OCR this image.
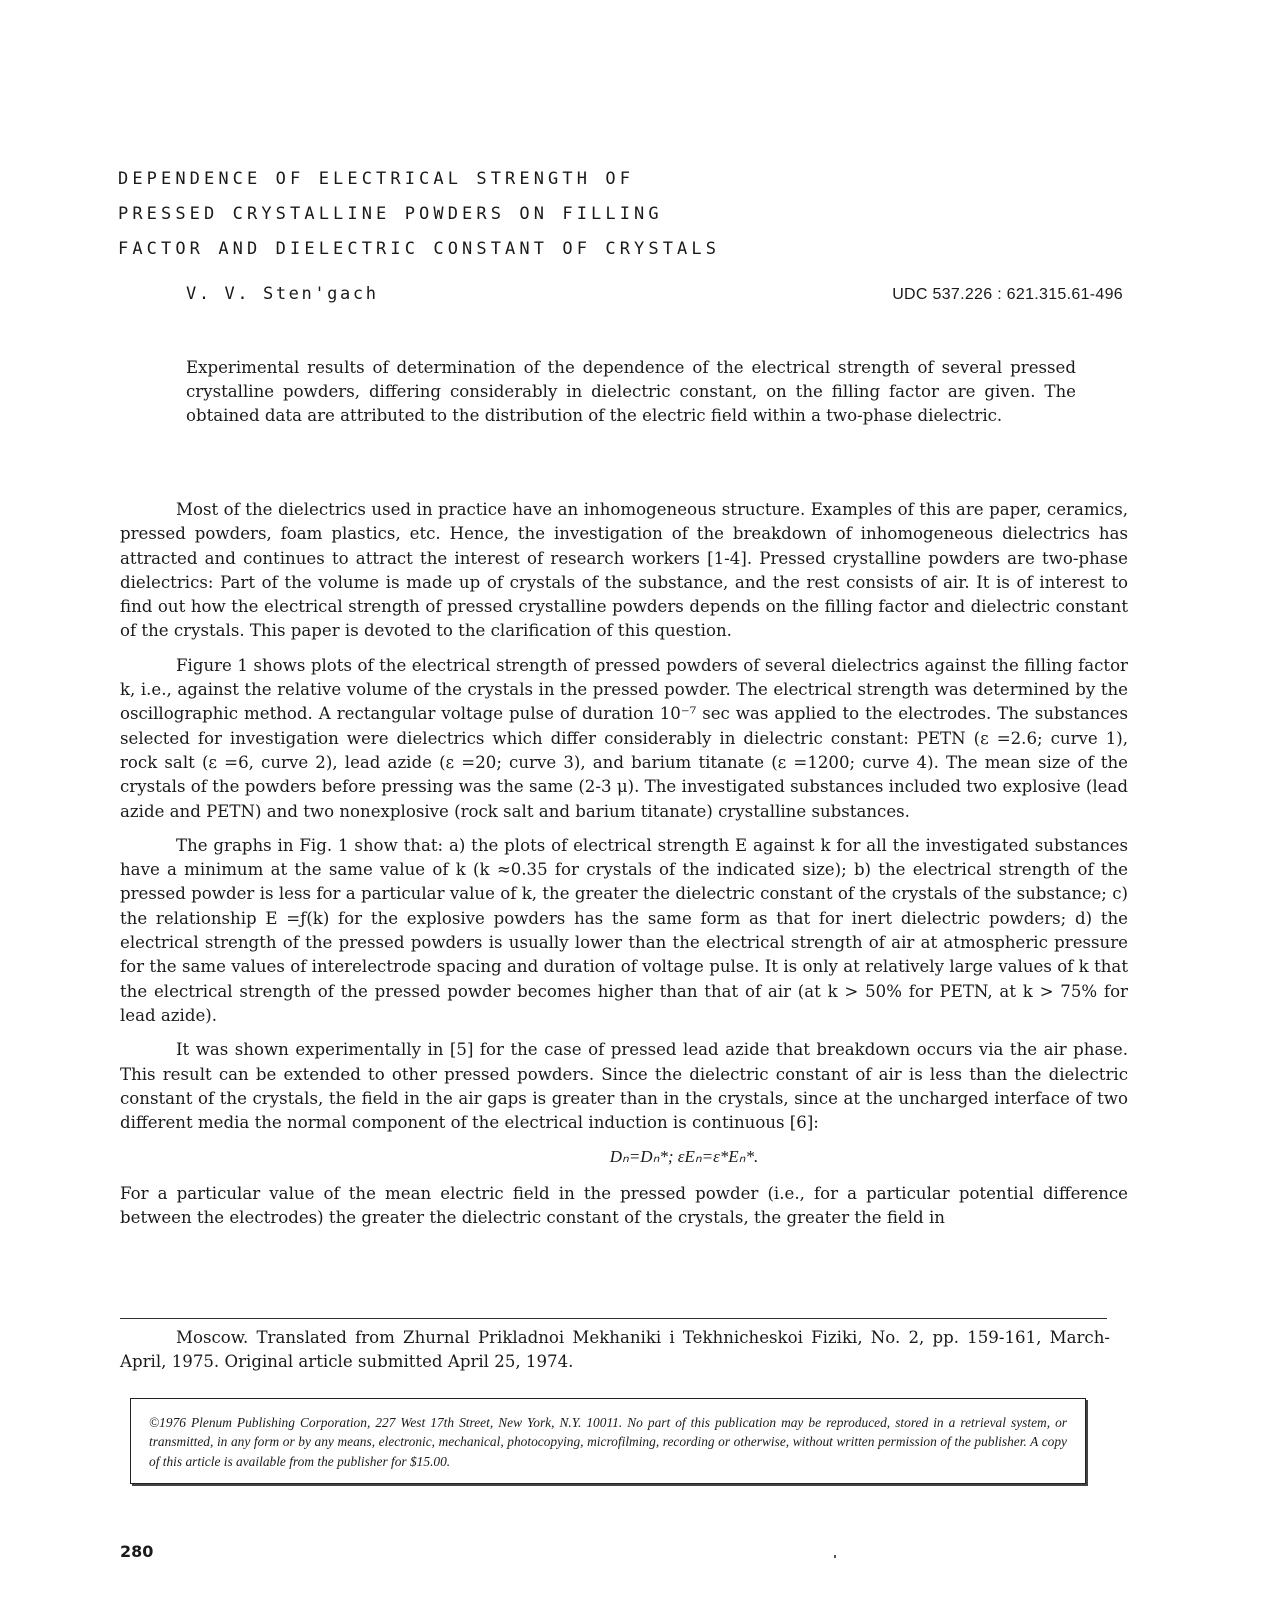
DEPENDENCE OF ELECTRICAL STRENGTH OF
PRESSED CRYSTALLINE POWDERS ON FILLING
FACTOR AND DIELECTRIC CONSTANT OF CRYSTALS
V. V. Sten'gach	UDC 537.226 : 621.315.61-496
Experimental results of determination of the dependence of the electrical strength of several pressed crystalline powders, differing considerably in dielectric constant, on the filling factor are given. The obtained data are attributed to the distribution of the electric field within a two-phase dielectric.

Most of the dielectrics used in practice have an inhomogeneous structure. Examples of this are paper, ceramics, pressed powders, foam plastics, etc. Hence, the investigation of the breakdown of inhomogeneous dielectrics has attracted and continues to attract the interest of research workers [1-4]. Pressed crystalline powders are two-phase dielectrics: Part of the volume is made up of crystals of the substance, and the rest consists of air. It is of interest to find out how the electrical strength of pressed crystalline powders depends on the filling factor and dielectric constant of the crystals. This paper is devoted to the clarification of this question.

Figure 1 shows plots of the electrical strength of pressed powders of several dielectrics against the filling factor k, i.e., against the relative volume of the crystals in the pressed powder. The electrical strength was determined by the oscillographic method. A rectangular voltage pulse of duration 10⁻⁷ sec was applied to the electrodes. The substances selected for investigation were dielectrics which differ considerably in dielectric constant: PETN (ε =2.6; curve 1), rock salt (ε =6, curve 2), lead azide (ε =20; curve 3), and barium titanate (ε =1200; curve 4). The mean size of the crystals of the powders before pressing was the same (2-3 μ). The investigated substances included two explosive (lead azide and PETN) and two nonexplosive (rock salt and barium titanate) crystalline substances.

The graphs in Fig. 1 show that: a) the plots of electrical strength E against k for all the investigated substances have a minimum at the same value of k (k ≈0.35 for crystals of the indicated size); b) the electrical strength of the pressed powder is less for a particular value of k, the greater the dielectric constant of the crystals of the substance; c) the relationship E =ƒ(k) for the explosive powders has the same form as that for inert dielectric powders; d) the electrical strength of the pressed powders is usually lower than the electrical strength of air at atmospheric pressure for the same values of interelectrode spacing and duration of voltage pulse. It is only at relatively large values of k that the electrical strength of the pressed powder becomes higher than that of air (at k > 50% for PETN, at k > 75% for lead azide).

It was shown experimentally in [5] for the case of pressed lead azide that breakdown occurs via the air phase. This result can be extended to other pressed powders. Since the dielectric constant of air is less than the dielectric constant of the crystals, the field in the air gaps is greater than in the crystals, since at the uncharged interface of two different media the normal component of the electrical induction is continuous [6]:

Dₙ=Dₙ*; εEₙ=ε*Eₙ*.

For a particular value of the mean electric field in the pressed powder (i.e., for a particular potential difference between the electrodes) the greater the dielectric constant of the crystals, the greater the field in

Moscow. Translated from Zhurnal Prikladnoi Mekhaniki i Tekhnicheskoi Fiziki, No. 2, pp. 159-161, March-April, 1975. Original article submitted April 25, 1974.
©1976 Plenum Publishing Corporation, 227 West 17th Street, New York, N.Y. 10011. No part of this publication may be reproduced, stored in a retrieval system, or transmitted, in any form or by any means, electronic, mechanical, photocopying, microfilming, recording or otherwise, without written permission of the publisher. A copy of this article is available from the publisher for $15.00.
280
